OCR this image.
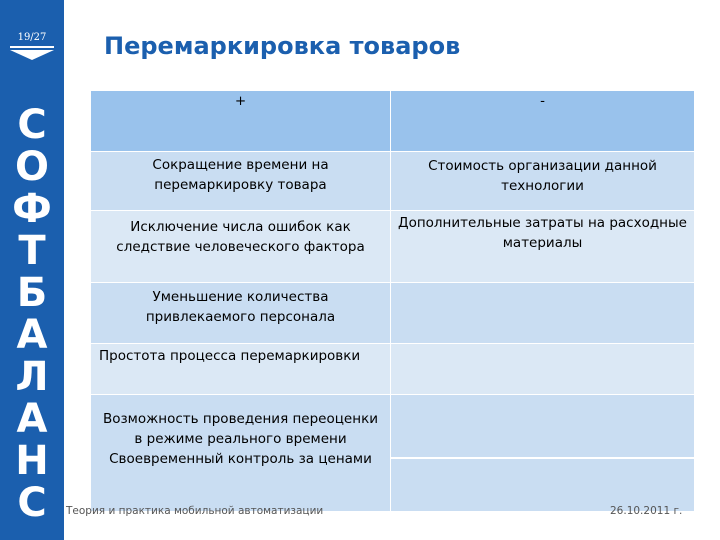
19/27
С
О
Ф
Т
Б
А
Л
А
Н
С
Перемаркировка товаров
+	-

Сокращение времени на перемаркировку товара	Стоимость организации данной технологии

Исключение числа ошибок как следствие человеческого фактора	Дополнительные затраты на расходные материалы

Уменьшение количества привлекаемого персонала	

Простота процесса перемаркировки	

Возможность проведения переоценки в режиме реального времени
Своевременный контроль за ценами	

Теория и практика мобильной автоматизации	26.10.2011 г.
